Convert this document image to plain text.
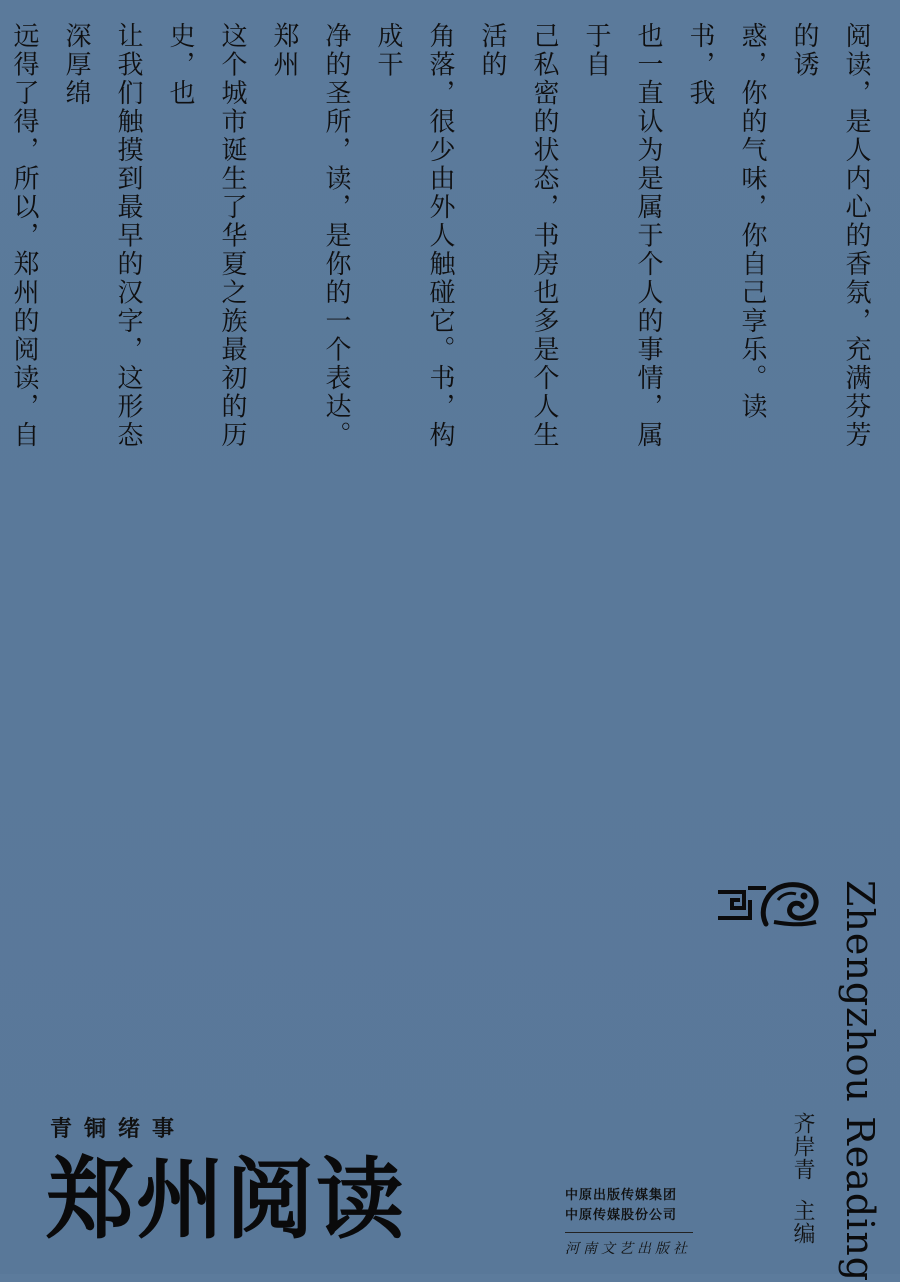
阅读，是人内心的香氛，充满芬芳的诱
惑，你的气味，你自己享乐。读书，我
也一直认为是属于个人的事情，属于自
己私密的状态，书房也多是个人生活的
角落，很少由外人触碰它。书，构成干
净的圣所，读，是你的一个表达。郑州
这个城市诞生了华夏之族最初的历史，也
让我们触摸到最早的汉字，这形态深厚绵
远得了得，所以，郑州的阅读，自
Zhengzhou Reading
齐岸青主编
青铜绪事
郑州阅读	中原出版传媒集团
中原传媒股份公司
河南文艺出版社
